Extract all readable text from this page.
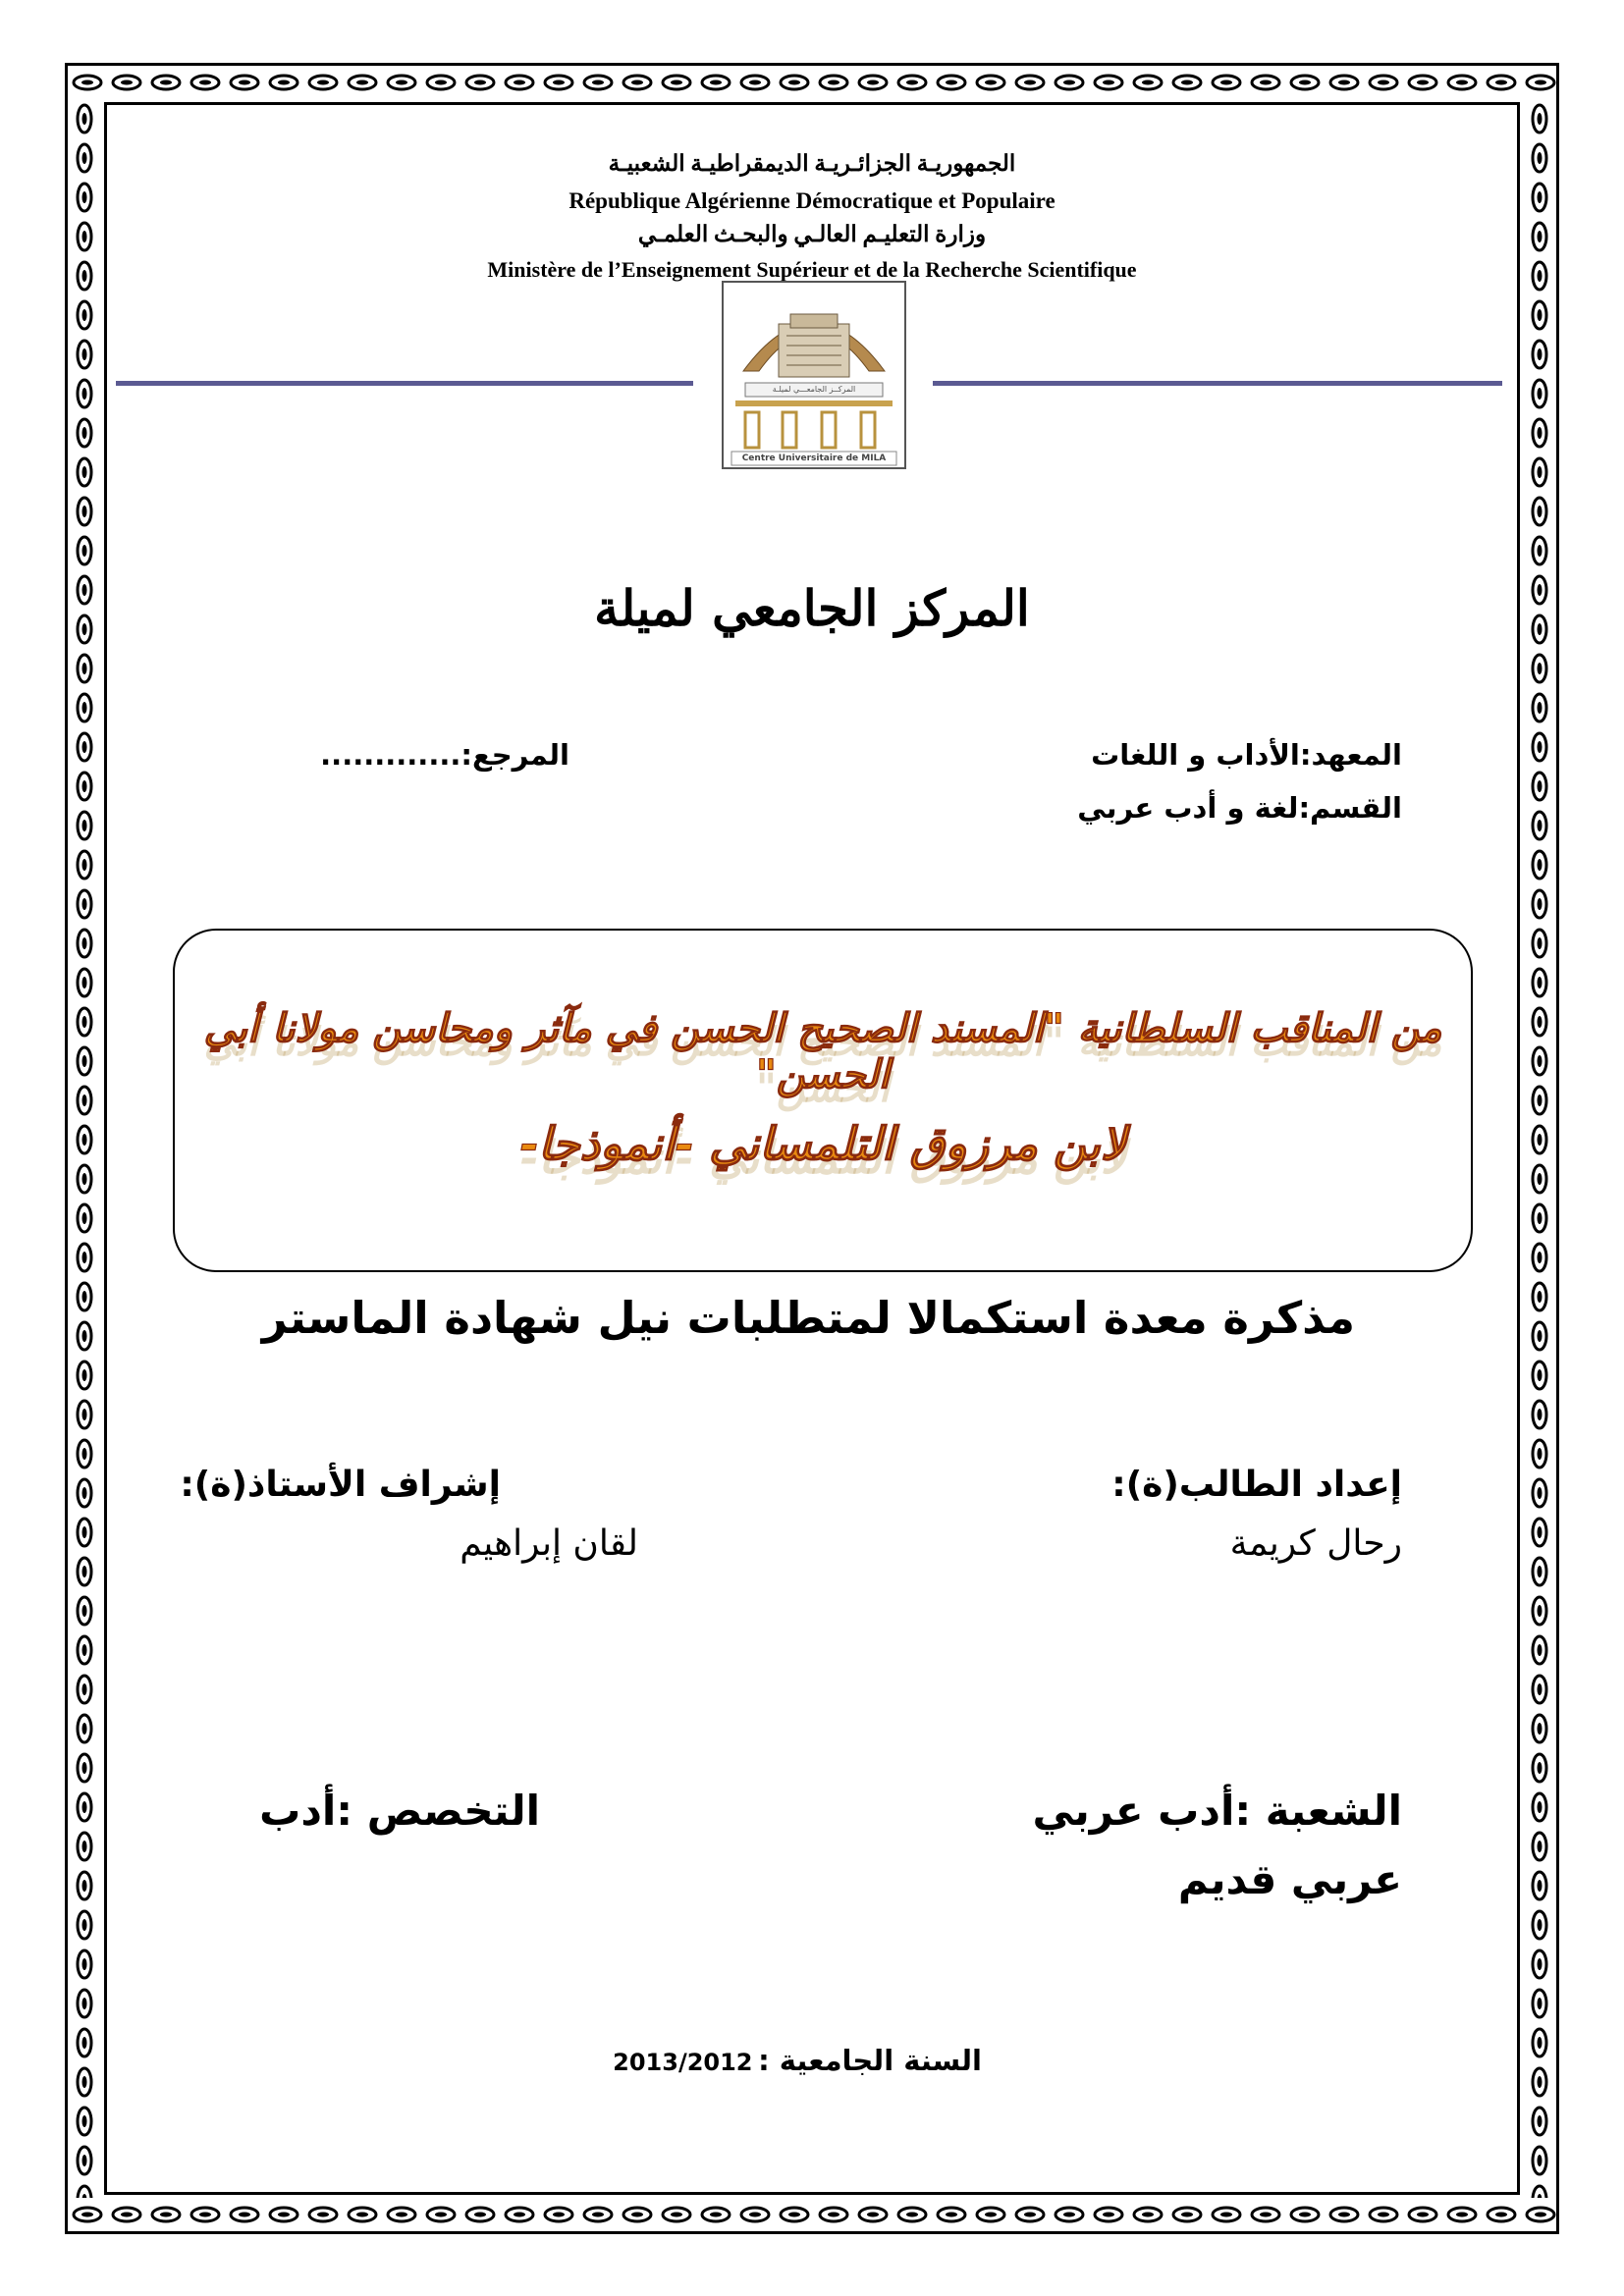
الجمهوريـة الجزائـريـة الديمقراطيـة الشعبيـة
République Algérienne Démocratique et Populaire
وزارة التعليـم العالـي والبحـث العلمـي
Ministère de l’Enseignement Supérieur et de la Recherche Scientifique
المركــز الجامعـــي لميلـة
Centre Universitaire de MILA
المركز الجامعي لميلة
المعهد:الأداب و اللغات
القسم:لغة و أدب عربي
المرجع:.............
من المناقب السلطانية "المسند الصحيح الحسن في مآثر ومحاسن مولانا أبي الحسن"
لابن مرزوق التلمساني -أنموذجا-
مذكرة معدة استكمالا لمتطلبات نيل شهادة الماستر
إعداد الطالب(ة):
رحال كريمة
إشراف الأستاذ(ة):
لقان إبراهيم
الشعبة :أدب عربي
عربي قديم
التخصص :أدب
السنة الجامعية : 2013/2012
